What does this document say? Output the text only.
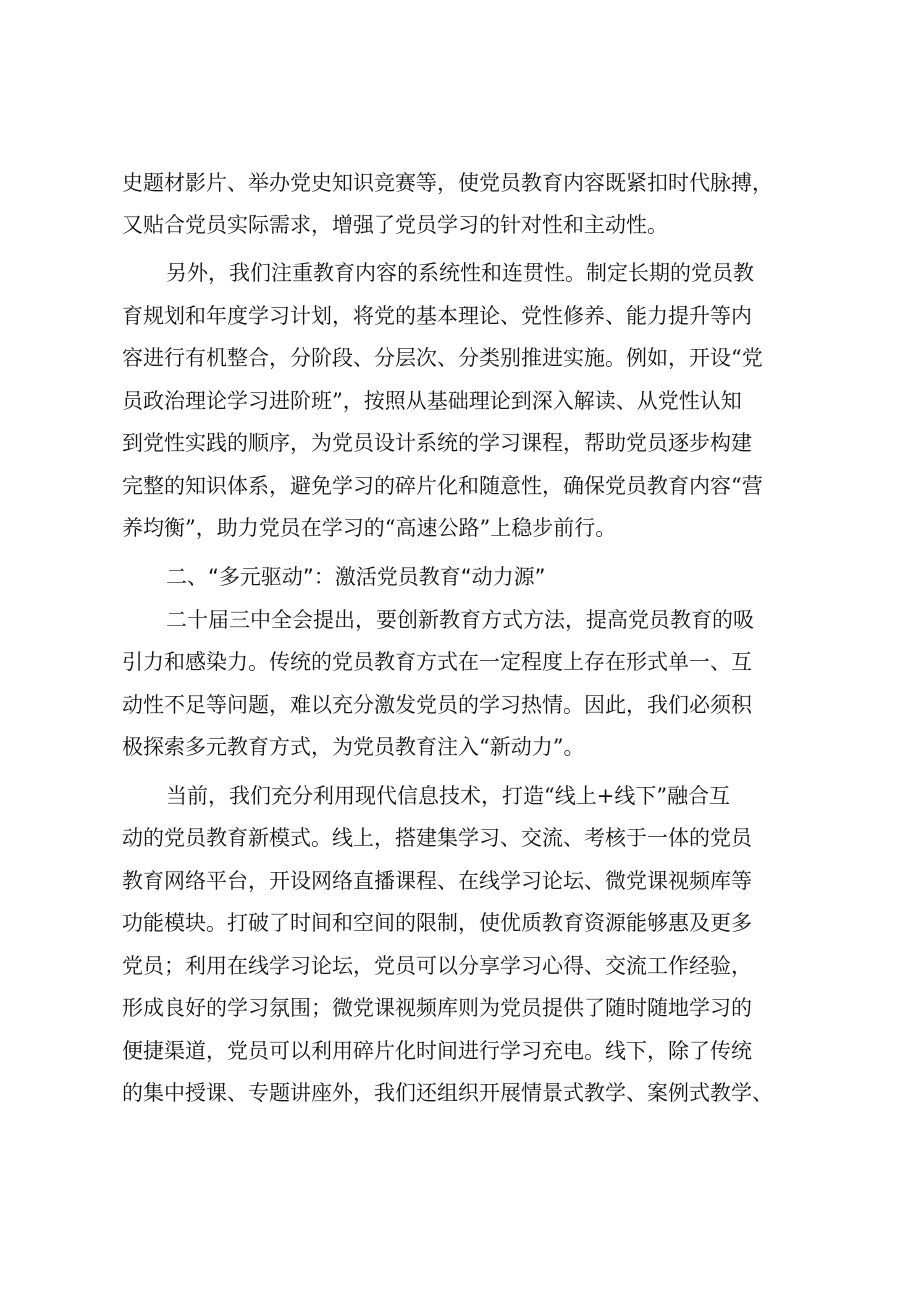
史题材影片、举办党史知识竞赛等，使党员教育内容既紧扣时代脉搏，
又贴合党员实际需求，增强了党员学习的针对性和主动性。
另外，我们注重教育内容的系统性和连贯性。制定长期的党员教
育规划和年度学习计划，将党的基本理论、党性修养、能力提升等内
容进行有机整合，分阶段、分层次、分类别推进实施。例如，开设“党
员政治理论学习进阶班”，按照从基础理论到深入解读、从党性认知
到党性实践的顺序，为党员设计系统的学习课程，帮助党员逐步构建
完整的知识体系，避免学习的碎片化和随意性，确保党员教育内容“营
养均衡”，助力党员在学习的“高速公路”上稳步前行。
二、“多元驱动”：激活党员教育“动力源”
二十届三中全会提出，要创新教育方式方法，提高党员教育的吸
引力和感染力。传统的党员教育方式在一定程度上存在形式单一、互
动性不足等问题，难以充分激发党员的学习热情。因此，我们必须积
极探索多元教育方式，为党员教育注入“新动力”。
当前，我们充分利用现代信息技术，打造“线上+线下”融合互
动的党员教育新模式。线上，搭建集学习、交流、考核于一体的党员
教育网络平台，开设网络直播课程、在线学习论坛、微党课视频库等
功能模块。打破了时间和空间的限制，使优质教育资源能够惠及更多
党员；利用在线学习论坛，党员可以分享学习心得、交流工作经验，
形成良好的学习氛围；微党课视频库则为党员提供了随时随地学习的
便捷渠道，党员可以利用碎片化时间进行学习充电。线下，除了传统
的集中授课、专题讲座外，我们还组织开展情景式教学、案例式教学、
